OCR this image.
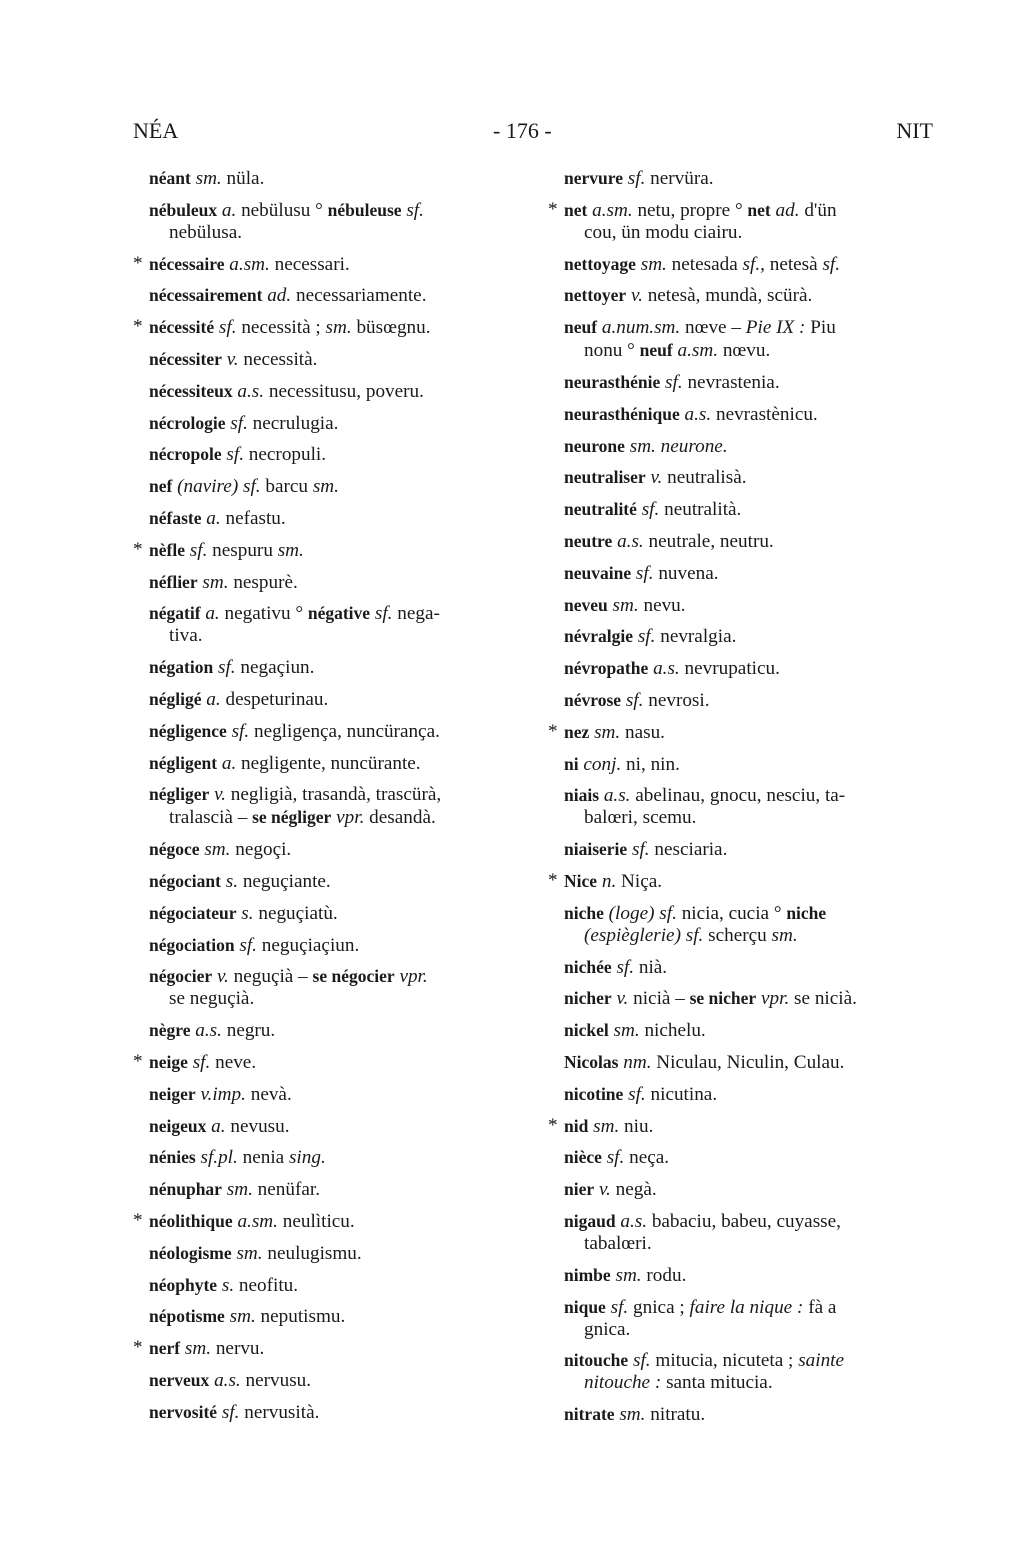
NÉA	- 176 -	NIT
néant sm. nüla.
nébuleux a. nebülusu ° nébuleuse sf.
nebülusa.
* nécessaire a.sm. necessari.
nécessairement ad. necessariamente.
* nécessité sf. necessità ; sm. büsœgnu.
nécessiter v. necessità.
nécessiteux a.s. necessitusu, poveru.
nécrologie sf. necrulugia.
nécropole sf. necropuli.
nef (navire) sf. barcu sm.
néfaste a. nefastu.
* nèfle sf. nespuru sm.
néflier sm. nespurè.
négatif a. negativu ° négative sf. nega-
tiva.
négation sf. negaçiun.
négligé a. despeturinau.
négligence sf. negligença, nuncüranҫa.
négligent a. negligente, nuncürante.
négliger v. negligià, trasandà, trascürà,
tralascià – se négliger vpr. desandà.
négoce sm. negoçi.
négociant s. neguçiante.
négociateur s. neguçiatù.
négociation sf. neguçiaçiun.
négocier v. neguçià – se négocier vpr.
se neguçià.
nègre a.s. negru.
* neige sf. neve.
neiger v.imp. nevà.
neigeux a. nevusu.
nénies sf.pl. nenia sing.
nénuphar sm. nenüfar.
* néolithique a.sm. neulìticu.
néologisme sm. neulugismu.
néophyte s. neofitu.
népotisme sm. neputismu.
* nerf sm. nervu.
nerveux a.s. nervusu.
nervosité sf. nervusità.
nervure sf. nervüra.
* net a.sm. netu, propre ° net ad. d'ün
cou, ün modu ciairu.
nettoyage sm. netesada sf., netesà sf.
nettoyer v. netesà, mundà, scürà.
neuf a.num.sm. nœve – Pie IX : Piu
nonu ° neuf a.sm. nœvu.
neurasthénie sf. nevrastenia.
neurasthénique a.s. nevrastènicu.
neurone sm. neurone.
neutraliser v. neutralisà.
neutralité sf. neutralità.
neutre a.s. neutrale, neutru.
neuvaine sf. nuvena.
neveu sm. nevu.
névralgie sf. nevralgia.
névropathe a.s. nevrupaticu.
névrose sf. nevrosi.
* nez sm. nasu.
ni conj. ni, nin.
niais a.s. abelinau, gnocu, nesciu, ta-
balœri, scemu.
niaiserie sf. nesciaria.
* Nice n. Niça.
niche (loge) sf. nicia, cucia ° niche
(espièglerie) sf. scherçu sm.
nichée sf. nià.
nicher v. nicià – se nicher vpr. se nicià.
nickel sm. nichelu.
Nicolas nm. Niculau, Niculin, Culau.
nicotine sf. nicutina.
* nid sm. niu.
nièce sf. neça.
nier v. negà.
nigaud a.s. babaciu, babeu, cuyasse,
tabalœri.
nimbe sm. rodu.
nique sf. gnica ; faire la nique : fà a
gnica.
nitouche sf. mitucia, nicuteta ; sainte
nitouche : santa mitucia.
nitrate sm. nitratu.
